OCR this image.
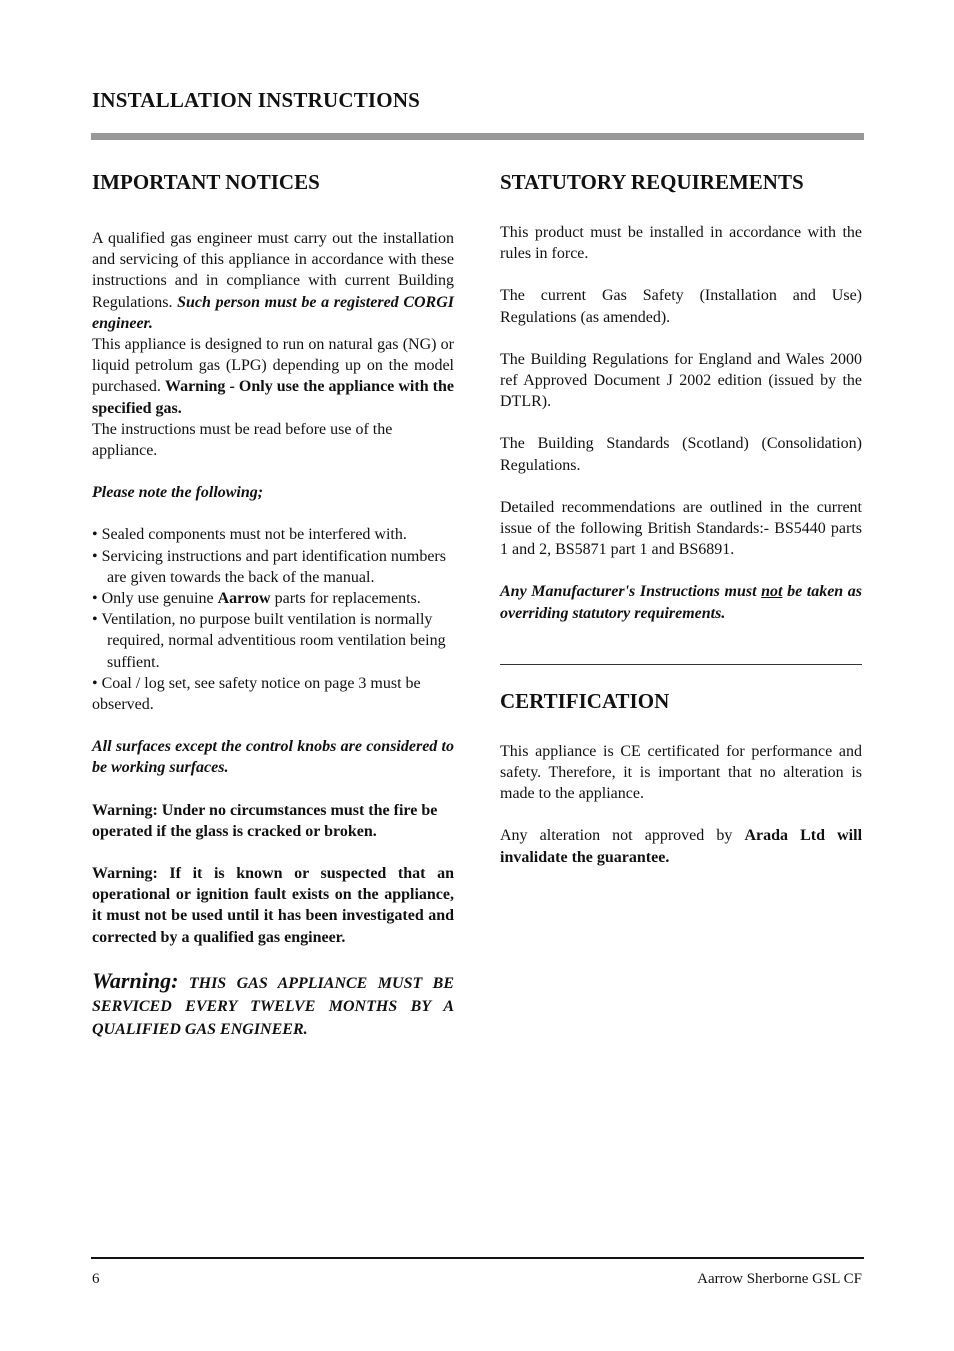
INSTALLATION INSTRUCTIONS
IMPORTANT NOTICES

A qualified gas engineer must carry out the installation and servicing of this appliance in accordance with these instructions and in compliance with current Building Regulations. Such person must be a registered CORGI engineer.

This appliance is designed to run on natural gas (NG) or liquid petrolum gas (LPG) depending up on the model purchased. Warning - Only use the appliance with the specified gas.

The instructions must be read before use of the appliance.

Please note the following;

• Sealed components must not be interfered with.
• Servicing instructions and part identification numbers are given towards the back of the manual.
• Only use genuine Aarrow parts for replacements.
• Ventilation, no purpose built ventilation is normally required, normal adventitious room ventilation being suffient.
• Coal / log set, see safety notice on page 3 must be observed.

All surfaces except the control knobs are considered to be working surfaces.

Warning: Under no circumstances must the fire be operated if the glass is cracked or broken.

Warning: If it is known or suspected that an operational or ignition fault exists on the appliance, it must not be used until it has been investigated and corrected by a qualified gas engineer.

Warning: THIS GAS APPLIANCE MUST BE SERVICED EVERY TWELVE MONTHS BY A QUALIFIED GAS ENGINEER.

STATUTORY REQUIREMENTS

This product must be installed in accordance with the rules in force.

The current Gas Safety (Installation and Use) Regulations (as amended).

The Building Regulations for England and Wales 2000 ref Approved Document J 2002 edition (issued by the DTLR).

The Building Standards (Scotland) (Consolidation) Regulations.

Detailed recommendations are outlined in the current issue of the following British Standards:- BS5440 parts 1 and 2, BS5871 part 1 and BS6891.

Any Manufacturer's Instructions must not be taken as overriding statutory requirements.

CERTIFICATION

This appliance is CE certificated for performance and safety. Therefore, it is important that no alteration is made to the appliance.

Any alteration not approved by Arada Ltd will invalidate the guarantee.

6	Aarrow Sherborne GSL CF
